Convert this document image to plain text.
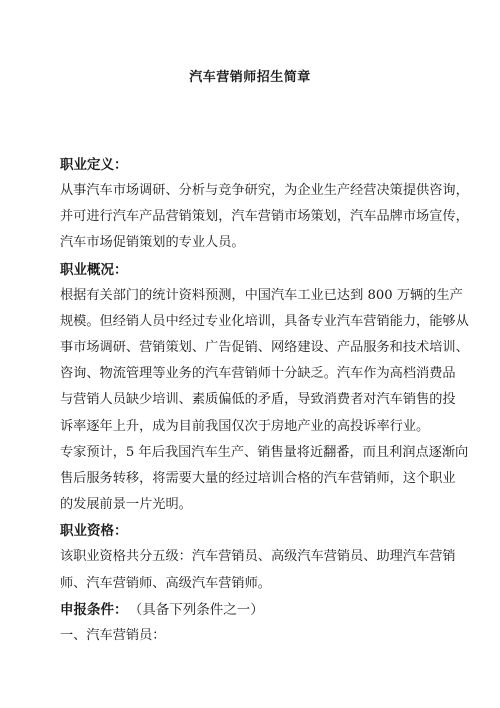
汽车营销师招生简章

职业定义：

从事汽车市场调研、分析与竞争研究，为企业生产经营决策提供咨询，
并可进行汽车产品营销策划，汽车营销市场策划，汽车品牌市场宣传，
汽车市场促销策划的专业人员。

职业概况：

根据有关部门的统计资料预测，中国汽车工业已达到 800 万辆的生产
规模。但经销人员中经过专业化培训，具备专业汽车营销能力，能够从
事市场调研、营销策划、广告促销、网络建设、产品服务和技术培训、
咨询、物流管理等业务的汽车营销师十分缺乏。汽车作为高档消费品
与营销人员缺少培训、素质偏低的矛盾，导致消费者对汽车销售的投
诉率逐年上升，成为目前我国仅次于房地产业的高投诉率行业。
专家预计，5 年后我国汽车生产、销售量将近翻番，而且利润点逐渐向
售后服务转移，将需要大量的经过培训合格的汽车营销师，这个职业
的发展前景一片光明。

职业资格：

该职业资格共分五级：汽车营销员、高级汽车营销员、助理汽车营销
师、汽车营销师、高级汽车营销师。

申报条件： （具备下列条件之一）

一、汽车营销员：
